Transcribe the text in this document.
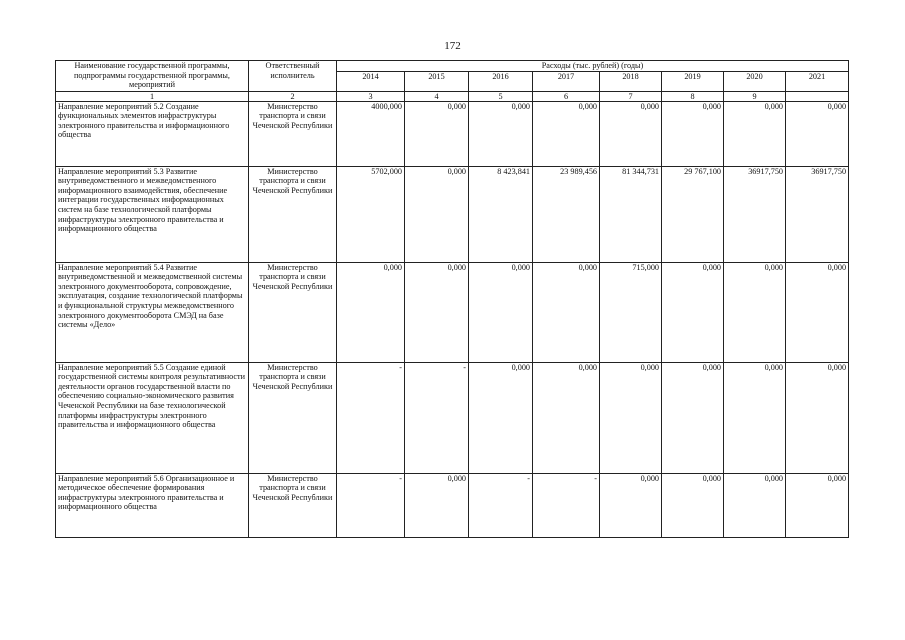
172
Наименование государственной программы, подпрограммы государственной программы, мероприятий	Ответственный исполнитель	Расходы (тыс. рублей) (годы)							
		2014	2015	2016	2017	2018	2019	2020	2021
1	2	3	4	5	6	7	8	9	
Направление мероприятий 5.2 Создание функциональных элементов инфраструктуры электронного правительства и информационного общества	Министерство транспорта и связи Чеченской Республики	4000,000	0,000	0,000	0,000	0,000	0,000	0,000	0,000
Направление мероприятий 5.3 Развитие внутриведомственного и межведомственного информационного взаимодействия, обеспечение интеграции государственных информационных систем на базе технологической платформы инфраструктуры электронного правительства и информационного общества	Министерство транспорта и связи Чеченской Республики	5702,000	0,000	8 423,841	23 989,456	81 344,731	29 767,100	36917,750	36917,750
Направление мероприятий 5.4 Развитие внутриведомственной и межведомственной системы электронного документооборота, сопровождение, эксплуатация, создание технологической платформы и функциональной структуры межведомственного электронного документооборота СМЭД на базе системы «Дело»	Министерство транспорта и связи Чеченской Республики	0,000	0,000	0,000	0,000	715,000	0,000	0,000	0,000
Направление мероприятий 5.5 Создание единой государственной системы контроля результативности деятельности органов государственной власти по обеспечению социально-экономического развития Чеченской Республики на базе технологической платформы инфраструктуры электронного правительства и информационного общества	Министерство транспорта и связи Чеченской Республики	-	-	0,000	0,000	0,000	0,000	0,000	0,000
Направление мероприятий 5.6 Организационное и методическое обеспечение формирования инфраструктуры электронного правительства и информационного общества	Министерство транспорта и связи Чеченской Республики	-	0,000	-	-	0,000	0,000	0,000	0,000
